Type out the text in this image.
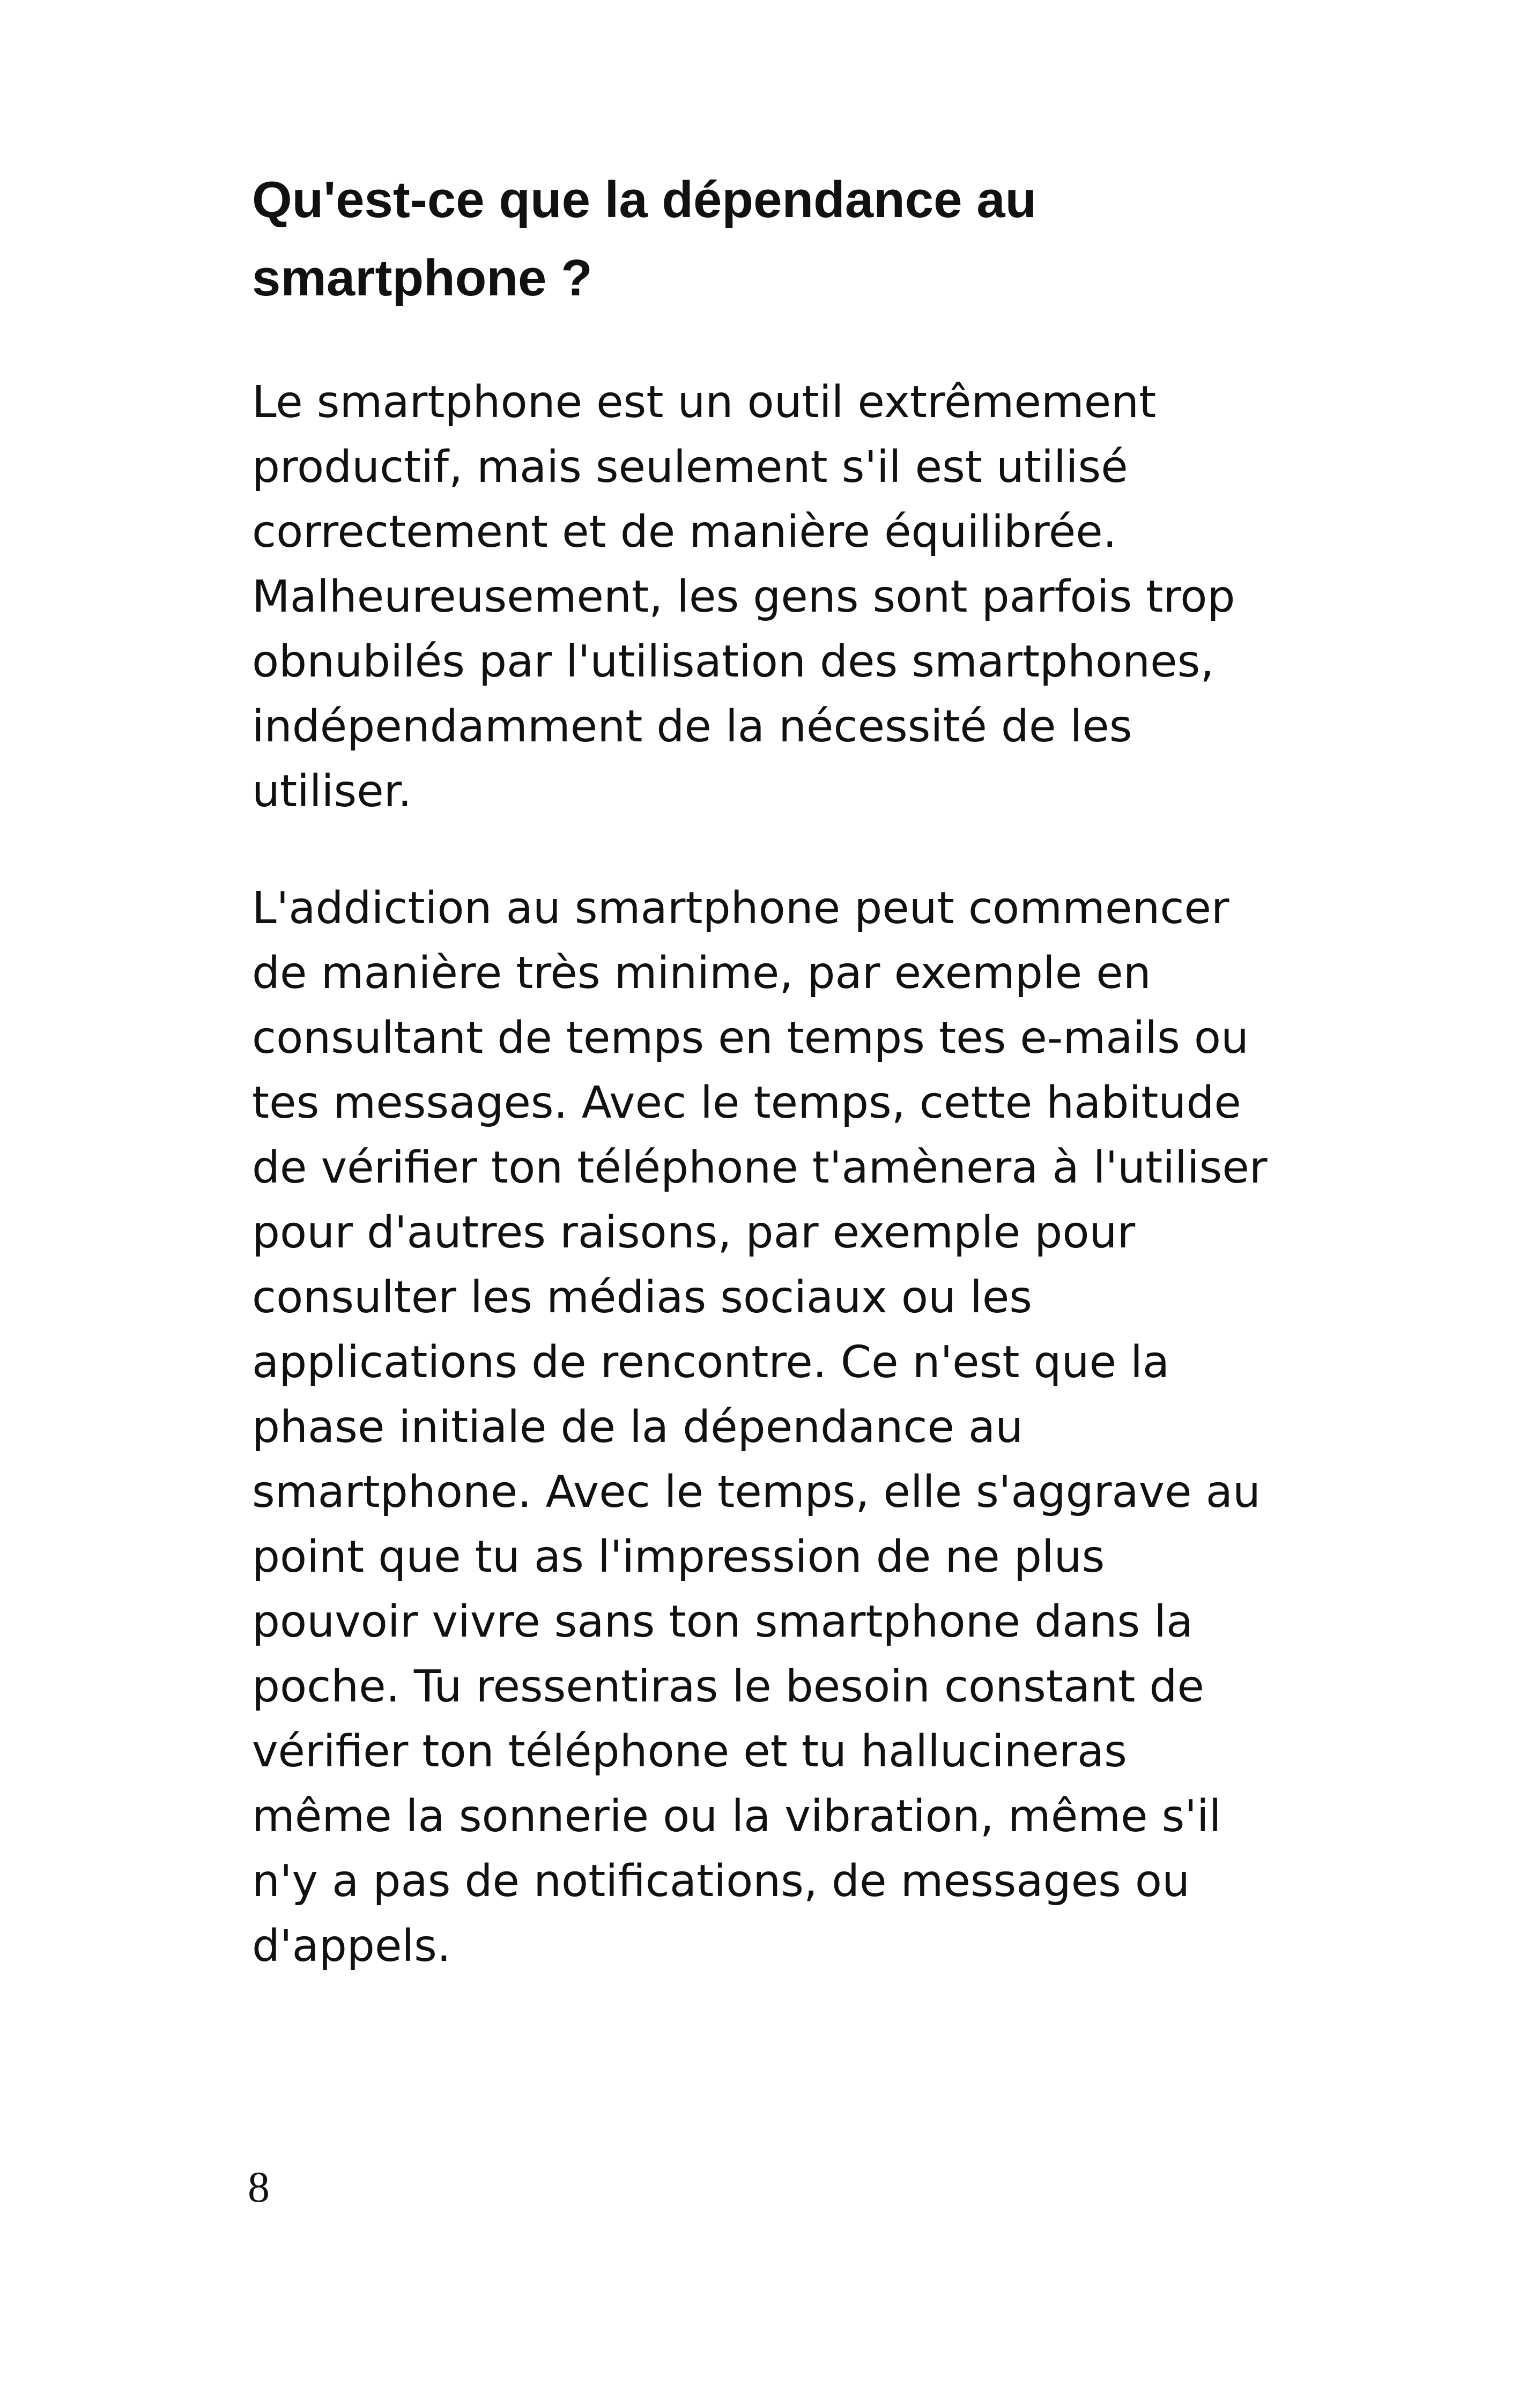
Qu'est-ce que la dépendance au smartphone ?

Le smartphone est un outil extrêmement productif, mais seulement s'il est utilisé correctement et de manière équilibrée. Malheureusement, les gens sont parfois trop obnubilés par l'utilisation des smartphones, indépendamment de la nécessité de les utiliser.

L'addiction au smartphone peut commencer de manière très minime, par exemple en consultant de temps en temps tes e-mails ou tes messages. Avec le temps, cette habitude de vérifier ton téléphone t'amènera à l'utiliser pour d'autres raisons, par exemple pour consulter les médias sociaux ou les applications de rencontre. Ce n'est que la phase initiale de la dépendance au smartphone. Avec le temps, elle s'aggrave au point que tu as l'impression de ne plus pouvoir vivre sans ton smartphone dans la poche. Tu ressentiras le besoin constant de vérifier ton téléphone et tu hallucineras même la sonnerie ou la vibration, même s'il n'y a pas de notifications, de messages ou d'appels.

8
